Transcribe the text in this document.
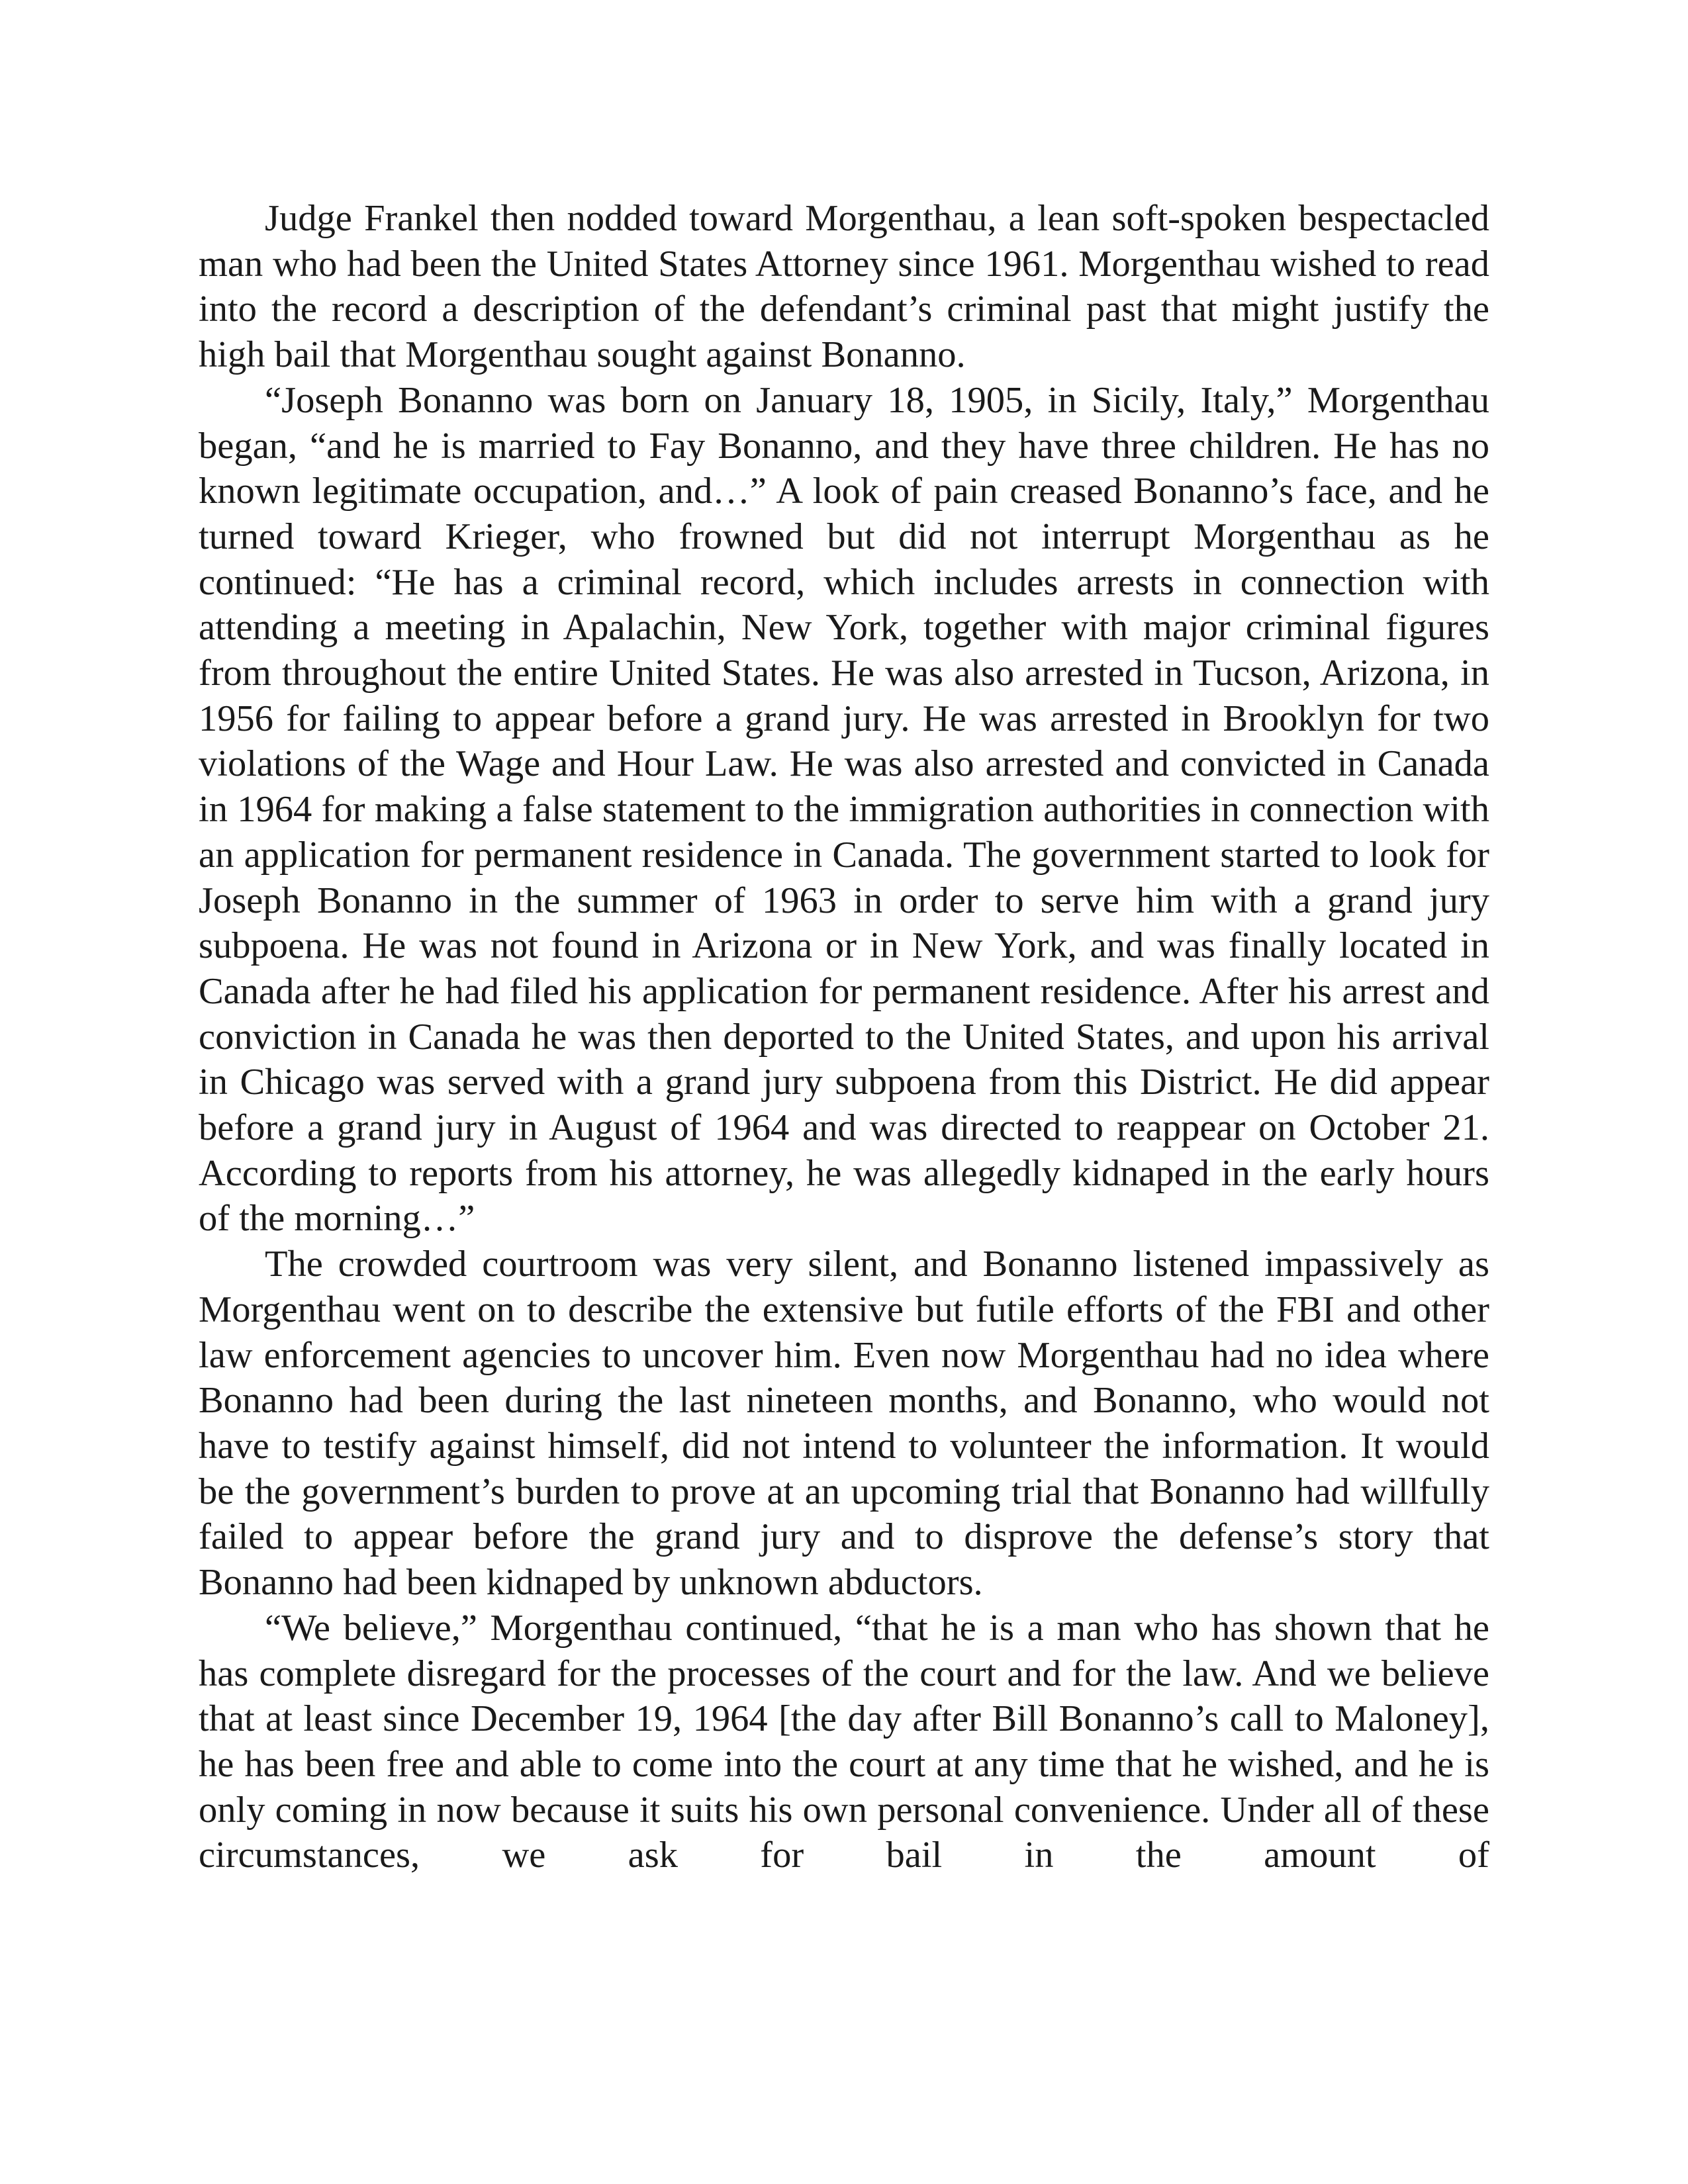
Judge Frankel then nodded toward Morgenthau, a lean soft-spoken bespectacled man who had been the United States Attorney since 1961. Morgenthau wished to read into the record a description of the defendant’s criminal past that might justify the high bail that Morgenthau sought against Bonanno.

“Joseph Bonanno was born on January 18, 1905, in Sicily, Italy,” Morgenthau began, “and he is married to Fay Bonanno, and they have three children. He has no known legitimate occupation, and…” A look of pain creased Bonanno’s face, and he turned toward Krieger, who frowned but did not interrupt Morgenthau as he continued: “He has a criminal record, which includes arrests in connection with attending a meeting in Apalachin, New York, together with major criminal figures from throughout the entire United States. He was also arrested in Tucson, Arizona, in 1956 for failing to appear before a grand jury. He was arrested in Brooklyn for two violations of the Wage and Hour Law. He was also arrested and convicted in Canada in 1964 for making a false statement to the immigration authorities in connection with an application for permanent residence in Canada. The government started to look for Joseph Bonanno in the summer of 1963 in order to serve him with a grand jury subpoena. He was not found in Arizona or in New York, and was finally located in Canada after he had filed his application for permanent residence. After his arrest and conviction in Canada he was then deported to the United States, and upon his arrival in Chicago was served with a grand jury subpoena from this District. He did appear before a grand jury in August of 1964 and was directed to reappear on October 21. According to reports from his attorney, he was allegedly kidnaped in the early hours of the morning…”

The crowded courtroom was very silent, and Bonanno listened impassively as Morgenthau went on to describe the extensive but futile efforts of the FBI and other law enforcement agencies to uncover him. Even now Morgenthau had no idea where Bonanno had been during the last nineteen months, and Bonanno, who would not have to testify against himself, did not intend to volunteer the information. It would be the government’s burden to prove at an upcoming trial that Bonanno had willfully failed to appear before the grand jury and to disprove the defense’s story that Bonanno had been kidnaped by unknown abductors.

“We believe,” Morgenthau continued, “that he is a man who has shown that he has complete disregard for the processes of the court and for the law. And we believe that at least since December 19, 1964 [the day after Bill Bonanno’s call to Maloney], he has been free and able to come into the court at any time that he wished, and he is only coming in now because it suits his own personal convenience. Under all of these circumstances, we ask for bail in the amount of
